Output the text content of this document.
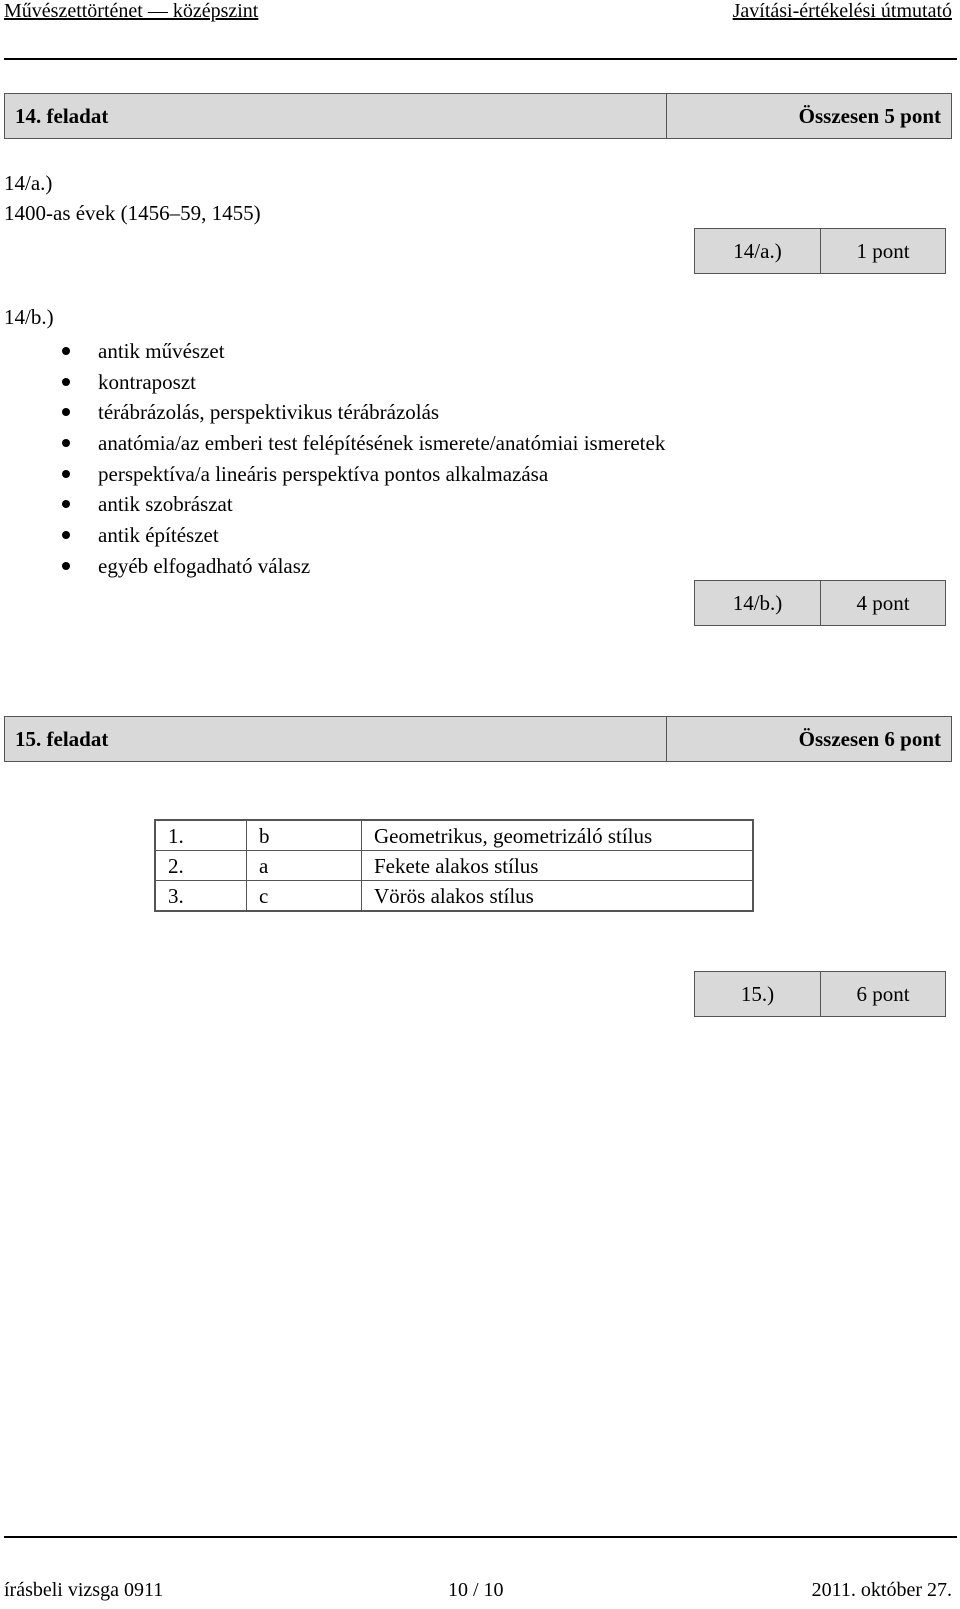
Művészettörténet — középszint	Javítási-értékelési útmutató
14. feladat	Összesen 5 pont
14/a.)
1400-as évek (1456–59, 1455)
14/a.)	1 pont
14/b.)
antik művészet
kontraposzt
térábrázolás, perspektivikus térábrázolás
anatómia/az emberi test felépítésének ismerete/anatómiai ismeretek
perspektíva/a lineáris perspektíva pontos alkalmazása
antik szobrászat
antik építészet
egyéb elfogadható válasz
14/b.)	4 pont
15. feladat	Összesen 6 pont
1.	b	Geometrikus, geometrizáló stílus
2.	a	Fekete alakos stílus
3.	c	Vörös alakos stílus
15.)	6 pont
írásbeli vizsga 0911	10 / 10	2011. október 27.
